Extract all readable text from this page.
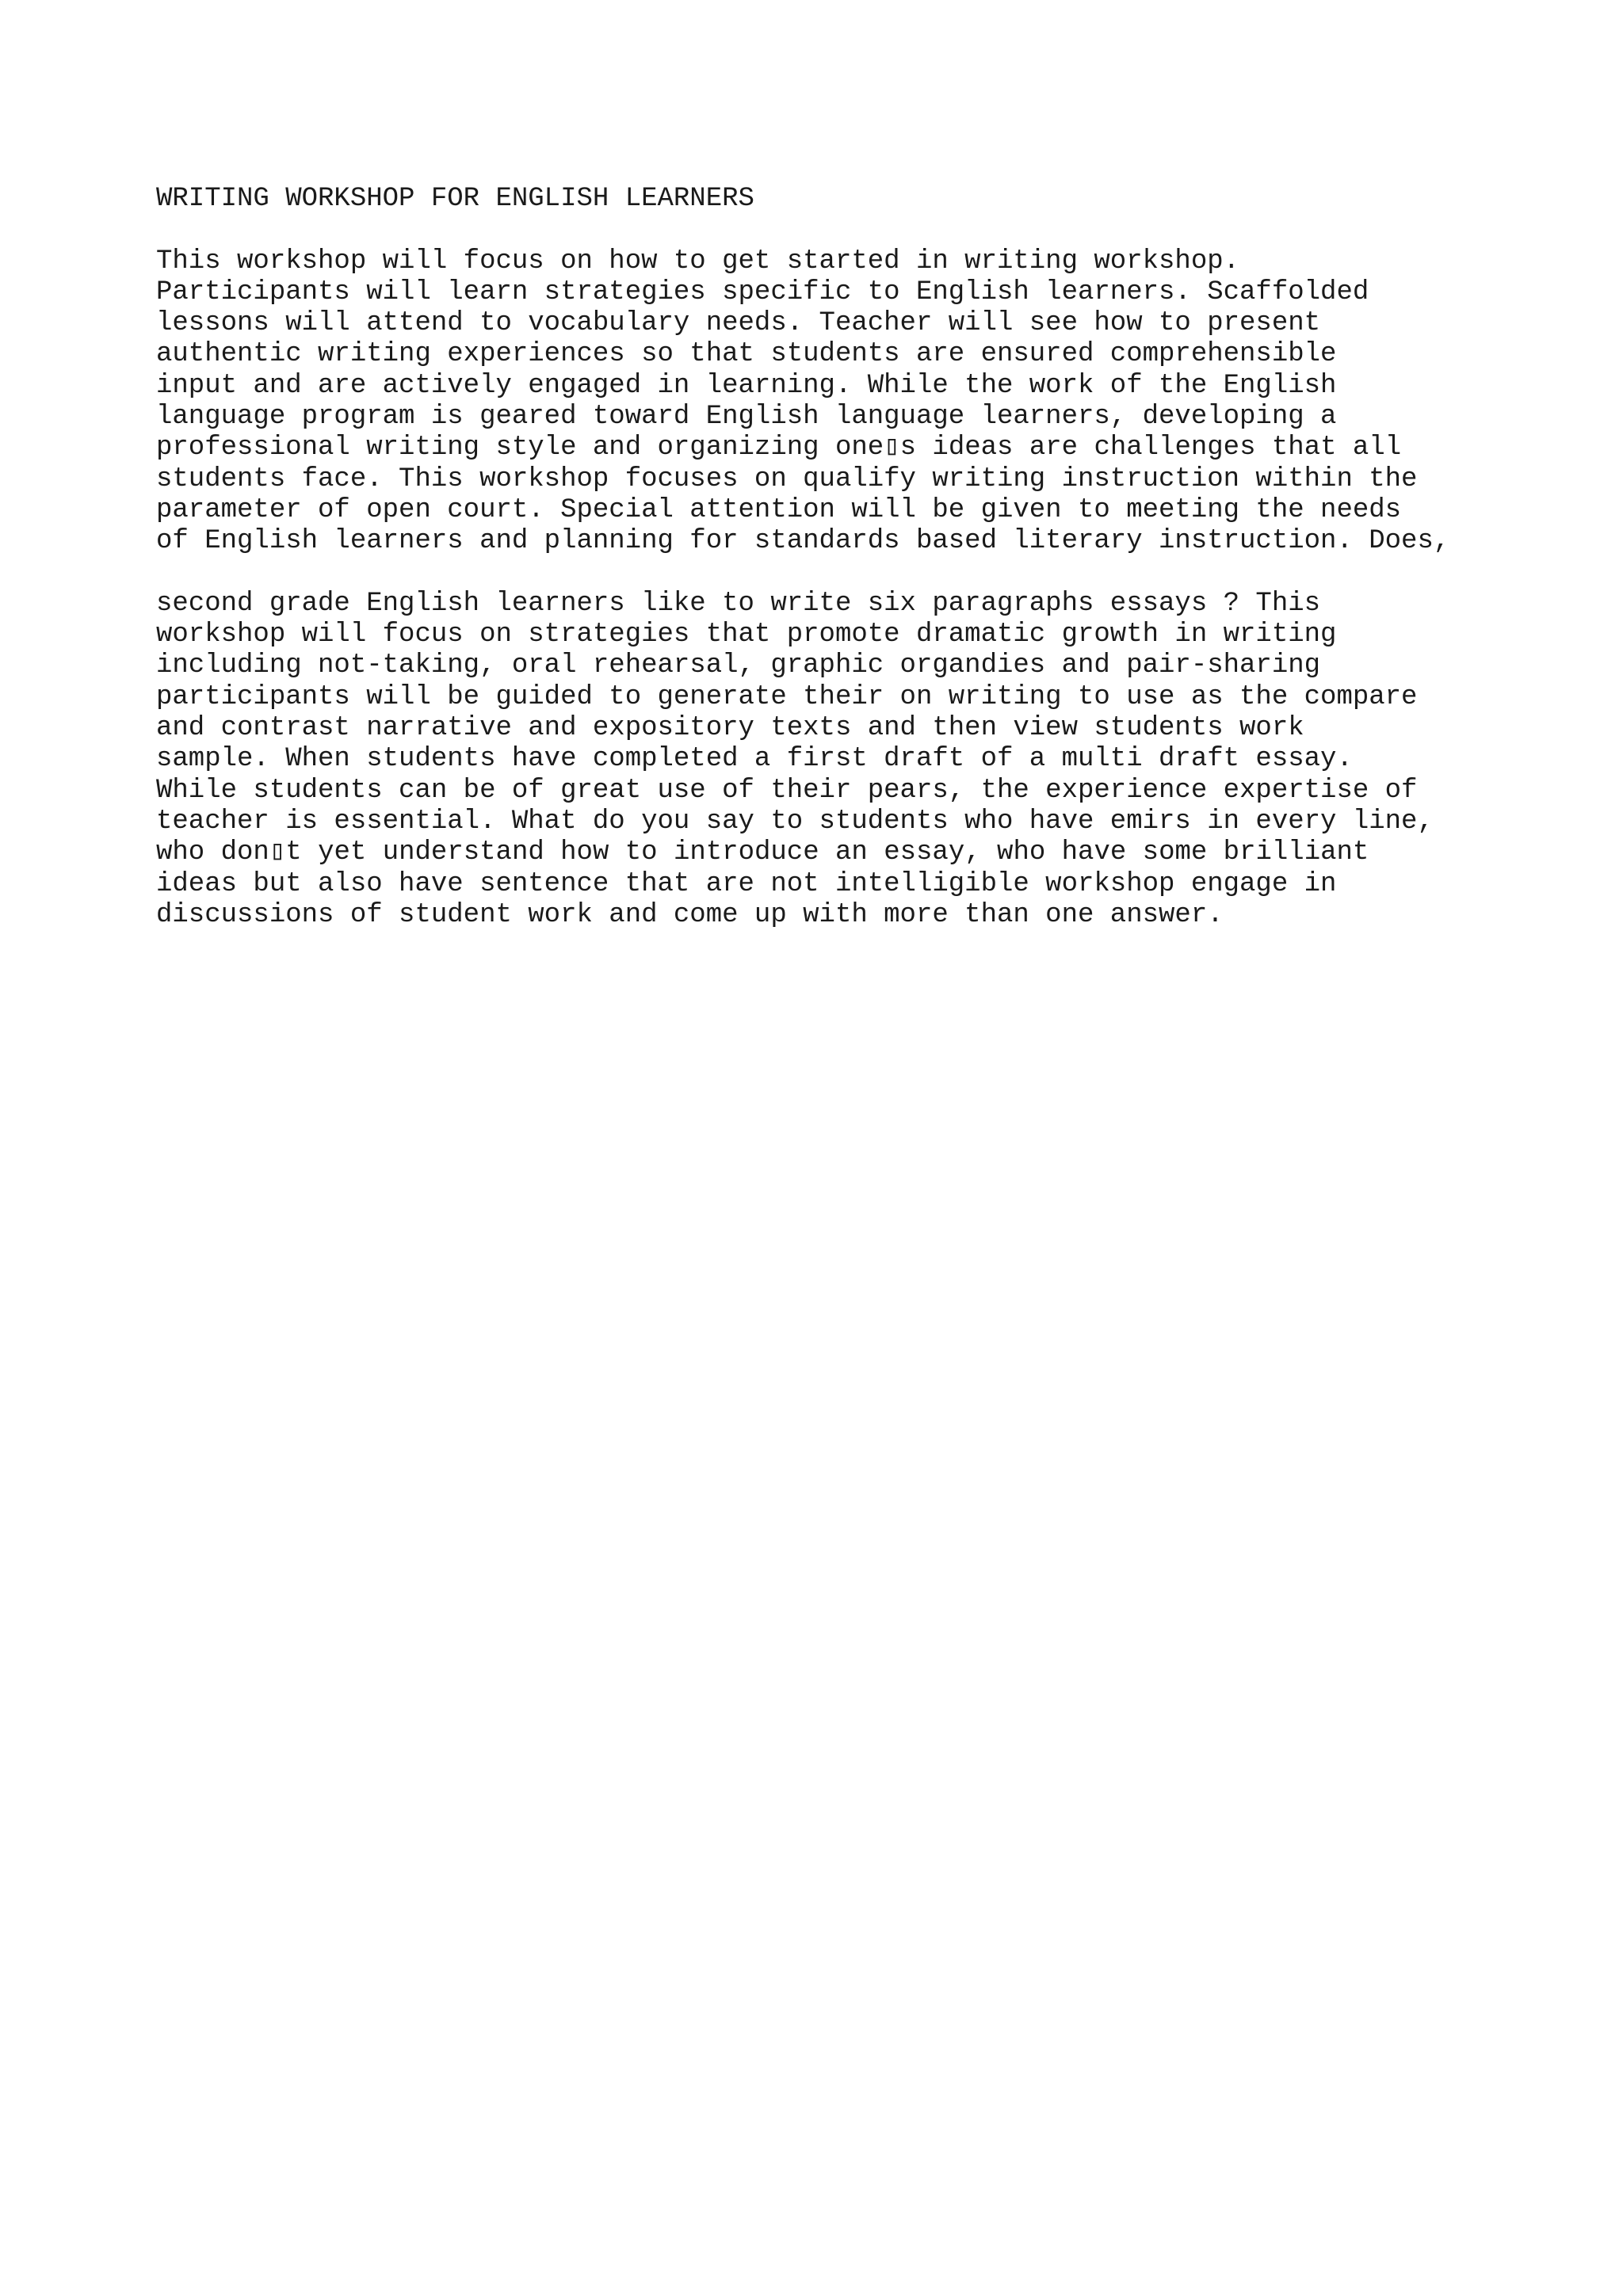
WRITING WORKSHOP FOR ENGLISH LEARNERS
This workshop will focus on how to get started in writing workshop.
Participants will learn strategies specific to English learners. Scaffolded
lessons will attend to vocabulary needs. Teacher will see how to present
authentic writing experiences so that students are ensured comprehensible
input and are actively engaged in learning. While the work of the English
language program is geared toward English language learners, developing a
professional writing style and organizing one▯s ideas are challenges that all
students face. This workshop focuses on qualify writing instruction within the
parameter of open court. Special attention will be given to meeting the needs
of English learners and planning for standards based literary instruction. Does,
second grade English learners like to write six paragraphs essays ? This
workshop will focus on strategies that promote dramatic growth in writing
including not-taking, oral rehearsal, graphic organdies and pair-sharing
participants will be guided to generate their on writing to use as the compare
and contrast narrative and expository texts and then view students work
sample. When students have completed a first draft of a multi draft essay.
While students can be of great use of their pears, the experience expertise of
teacher is essential. What do you say to students who have emirs in every line,
who don▯t yet understand how to introduce an essay, who have some brilliant
ideas but also have sentence that are not intelligible workshop engage in
discussions of student work and come up with more than one answer.
